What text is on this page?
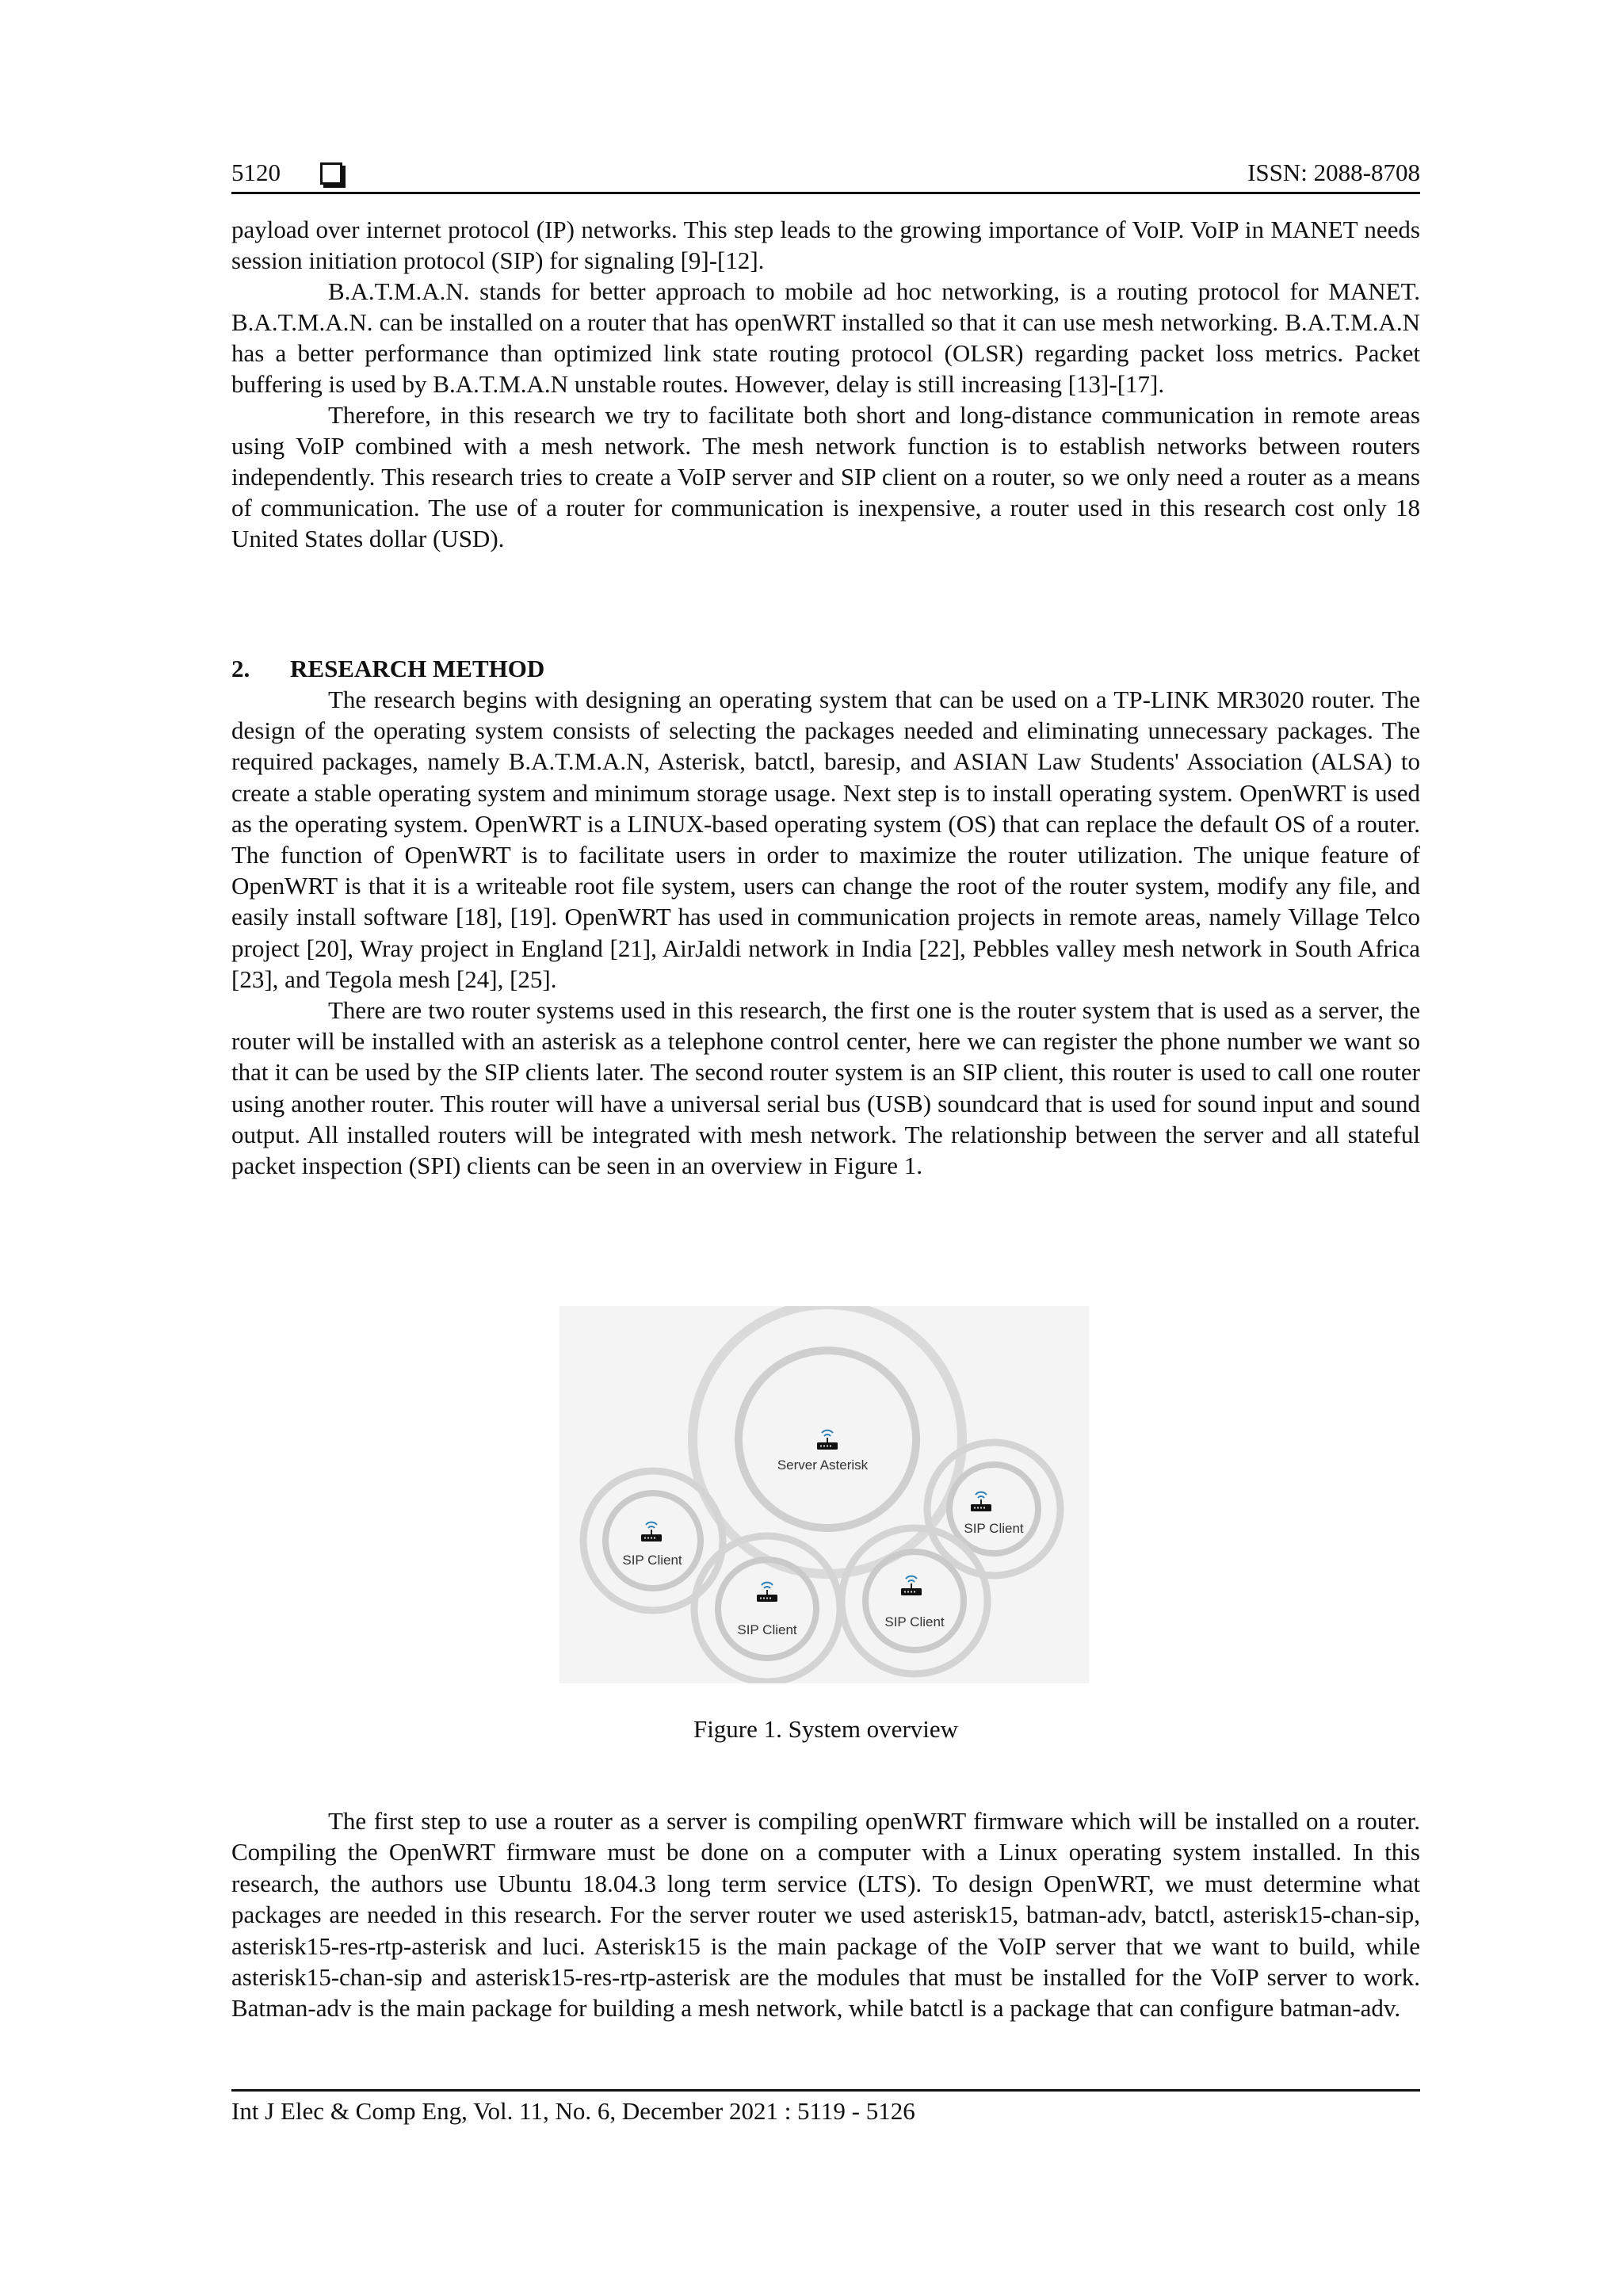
5120	ISSN: 2088-8708

payload over internet protocol (IP) networks. This step leads to the growing importance of VoIP. VoIP in MANET needs session initiation protocol (SIP) for signaling [9]-[12].

B.A.T.M.A.N. stands for better approach to mobile ad hoc networking, is a routing protocol for MANET. B.A.T.M.A.N. can be installed on a router that has openWRT installed so that it can use mesh networking. B.A.T.M.A.N has a better performance than optimized link state routing protocol (OLSR) regarding packet loss metrics. Packet buffering is used by B.A.T.M.A.N unstable routes. However, delay is still increasing [13]-[17].

Therefore, in this research we try to facilitate both short and long-distance communication in remote areas using VoIP combined with a mesh network. The mesh network function is to establish networks between routers independently. This research tries to create a VoIP server and SIP client on a router, so we only need a router as a means of communication. The use of a router for communication is inexpensive, a router used in this research cost only 18 United States dollar (USD).

2. RESEARCH METHOD

The research begins with designing an operating system that can be used on a TP-LINK MR3020 router. The design of the operating system consists of selecting the packages needed and eliminating unnecessary packages. The required packages, namely B.A.T.M.A.N, Asterisk, batctl, baresip, and ASIAN Law Students' Association (ALSA) to create a stable operating system and minimum storage usage. Next step is to install operating system. OpenWRT is used as the operating system. OpenWRT is a LINUX-based operating system (OS) that can replace the default OS of a router. The function of OpenWRT is to facilitate users in order to maximize the router utilization. The unique feature of OpenWRT is that it is a writeable root file system, users can change the root of the router system, modify any file, and easily install software [18], [19]. OpenWRT has used in communication projects in remote areas, namely Village Telco project [20], Wray project in England [21], AirJaldi network in India [22], Pebbles valley mesh network in South Africa [23], and Tegola mesh [24], [25].

There are two router systems used in this research, the first one is the router system that is used as a server, the router will be installed with an asterisk as a telephone control center, here we can register the phone number we want so that it can be used by the SIP clients later. The second router system is an SIP client, this router is used to call one router using another router. This router will have a universal serial bus (USB) soundcard that is used for sound input and sound output. All installed routers will be integrated with mesh network. The relationship between the server and all stateful packet inspection (SPI) clients can be seen in an overview in Figure 1.

Server Asterisk
SIP Client
SIP Client
SIP Client
SIP Client
Figure 1. System overview

The first step to use a router as a server is compiling openWRT firmware which will be installed on a router. Compiling the OpenWRT firmware must be done on a computer with a Linux operating system installed. In this research, the authors use Ubuntu 18.04.3 long term service (LTS). To design OpenWRT, we must determine what packages are needed in this research. For the server router we used asterisk15, batman-adv, batctl, asterisk15-chan-sip, asterisk15-res-rtp-asterisk and luci. Asterisk15 is the main package of the VoIP server that we want to build, while asterisk15-chan-sip and asterisk15-res-rtp-asterisk are the modules that must be installed for the VoIP server to work. Batman-adv is the main package for building a mesh network, while batctl is a package that can configure batman-adv.

Int J Elec & Comp Eng, Vol. 11, No. 6, December 2021 : 5119 - 5126
